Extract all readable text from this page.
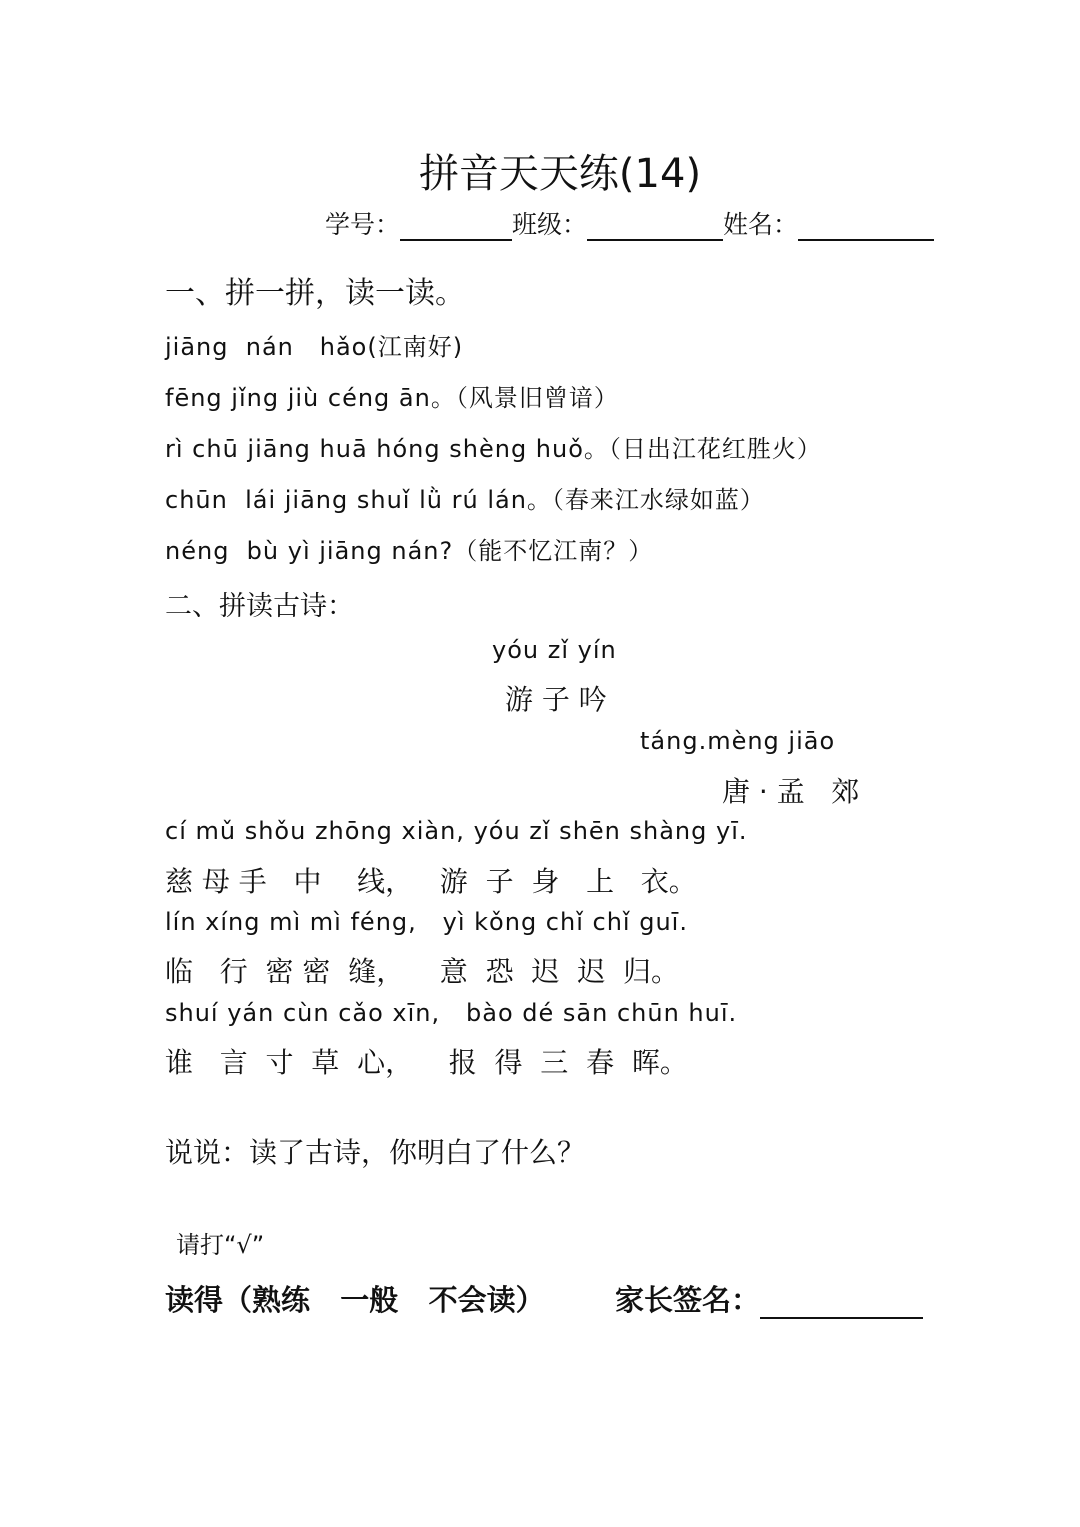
拼音天天练(14)
学号：	班级：	姓名：
一、拼一拼，读一读。
jiāng  nán   hǎo(江南好)
fēng jǐng jiù céng ān。（风景旧曾谙）
rì chū jiāng huā hóng shèng huǒ。（日出江花红胜火）
chūn  lái jiāng shuǐ lǜ rú lán。（春来江水绿如蓝）
néng  bù yì jiāng nán?（能不忆江南？）
二、拼读古诗：
yóu zǐ yín
游 子 吟
táng.mèng jiāo
唐 · 孟   郊
cí mǔ shǒu zhōng xiàn, yóu zǐ shēn shàng yī.
慈 母 手   中    线，   游  子  身   上   衣。
lín xíng mì mì féng,   yì kǒng chǐ chǐ guī.
临   行  密 密  缝，    意  恐  迟  迟  归。
shuí yán cùn cǎo xīn,   bào dé sān chūn huī.
谁   言  寸  草  心，    报  得  三  春  晖。
说说：读了古诗，你明白了什么？
请打“√”
读得（熟练   一般   不会读） 家长签名：
